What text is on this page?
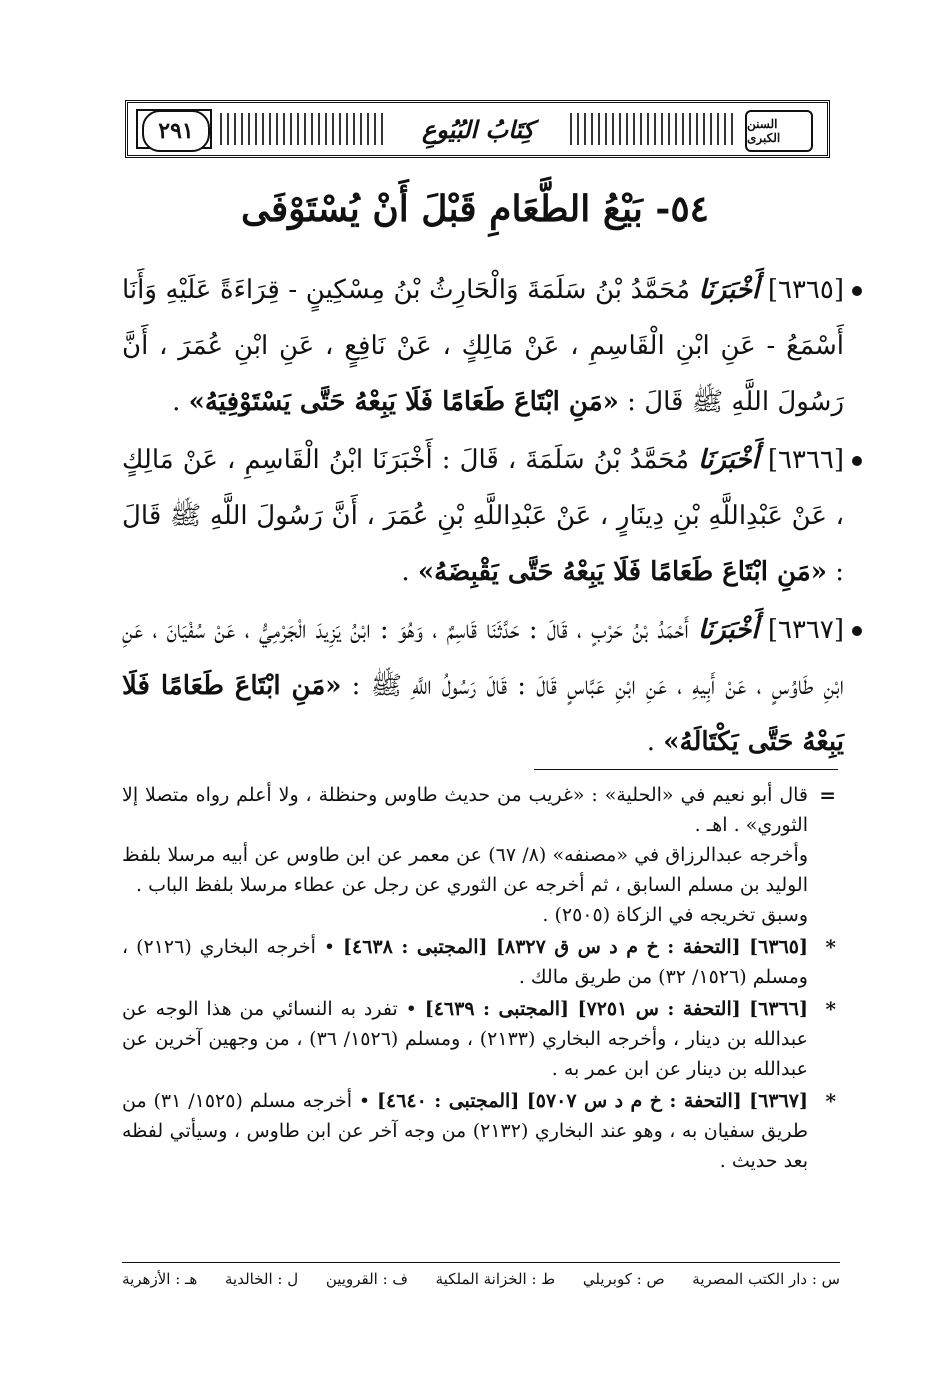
٢٩١	كِتَابُ البُيُوعِ	السنن الكبرى
٥٤- بَيْعُ الطَّعَامِ قَبْلَ أَنْ يُسْتَوْفَى

[٦٣٦٥] أَخْبَرَنَا مُحَمَّدُ بْنُ سَلَمَةَ وَالْحَارِثُ بْنُ مِسْكِينٍ - قِرَاءَةً عَلَيْهِ وَأَنَا أَسْمَعُ - عَنِ ابْنِ الْقَاسِمِ ، عَنْ مَالِكٍ ، عَنْ نَافِعٍ ، عَنِ ابْنِ عُمَرَ ، أَنَّ رَسُولَ اللَّهِ ﷺ قَالَ : «مَنِ ابْتَاعَ طَعَامًا فَلَا يَبِعْهُ حَتَّى يَسْتَوْفِيَهُ» .

[٦٣٦٦] أَخْبَرَنَا مُحَمَّدُ بْنُ سَلَمَةَ ، قَالَ : أَخْبَرَنَا ابْنُ الْقَاسِمِ ، عَنْ مَالِكٍ ، عَنْ عَبْدِاللَّهِ بْنِ دِينَارٍ ، عَنْ عَبْدِاللَّهِ بْنِ عُمَرَ ، أَنَّ رَسُولَ اللَّهِ ﷺ قَالَ : «مَنِ ابْتَاعَ طَعَامًا فَلَا يَبِعْهُ حَتَّى يَقْبِضَهُ» .

[٦٣٦٧] أَخْبَرَنَا أَحْمَدُ بْنُ حَرْبٍ ، قَالَ : حَدَّثَنَا قَاسِمٌ ، وَهُوَ : ابْنُ يَزِيدَ الْجَرْمِيُّ ، عَنْ سُفْيَانَ ، عَنِ ابْنِ طَاوُسٍ ، عَنْ أَبِيهِ ، عَنِ ابْنِ عَبَّاسٍ قَالَ : قَالَ رَسُولُ اللَّهِ ﷺ : «مَنِ ابْتَاعَ طَعَامًا فَلَا يَبِعْهُ حَتَّى يَكْتَالَهُ» .

=
قال أبو نعيم في «الحلية» : «غريب من حديث طاوس وحنظلة ، ولا أعلم رواه متصلا إلا الثوري» . اهـ .
وأخرجه عبدالرزاق في «مصنفه» (٨/ ٦٧) عن معمر عن ابن طاوس عن أبيه مرسلا بلفظ الوليد بن مسلم السابق ، ثم أخرجه عن الثوري عن رجل عن عطاء مرسلا بلفظ الباب .
وسبق تخريجه في الزكاة (٢٥٠٥) .
*
[٦٣٦٥] [التحفة : خ م د س ق ٨٣٢٧] [المجتبى : ٤٦٣٨] • أخرجه البخاري (٢١٢٦) ، ومسلم (١٥٢٦/ ٣٢) من طريق مالك .
*
[٦٣٦٦] [التحفة : س ٧٢٥١] [المجتبى : ٤٦٣٩] • تفرد به النسائي من هذا الوجه عن عبدالله بن دينار ، وأخرجه البخاري (٢١٣٣) ، ومسلم (١٥٢٦/ ٣٦) ، من وجهين آخرين عن عبدالله بن دينار عن ابن عمر به .
*
[٦٣٦٧] [التحفة : خ م د س ٥٧٠٧] [المجتبى : ٤٦٤٠] • أخرجه مسلم (١٥٢٥/ ٣١) من طريق سفيان به ، وهو عند البخاري (٢١٣٢) من وجه آخر عن ابن طاوس ، وسيأتي لفظه بعد حديث .
س : دار الكتب المصرية
ص : كوبريلي
ط : الخزانة الملكية
ف : القرويين
ل : الخالدية
هـ : الأزهرية
